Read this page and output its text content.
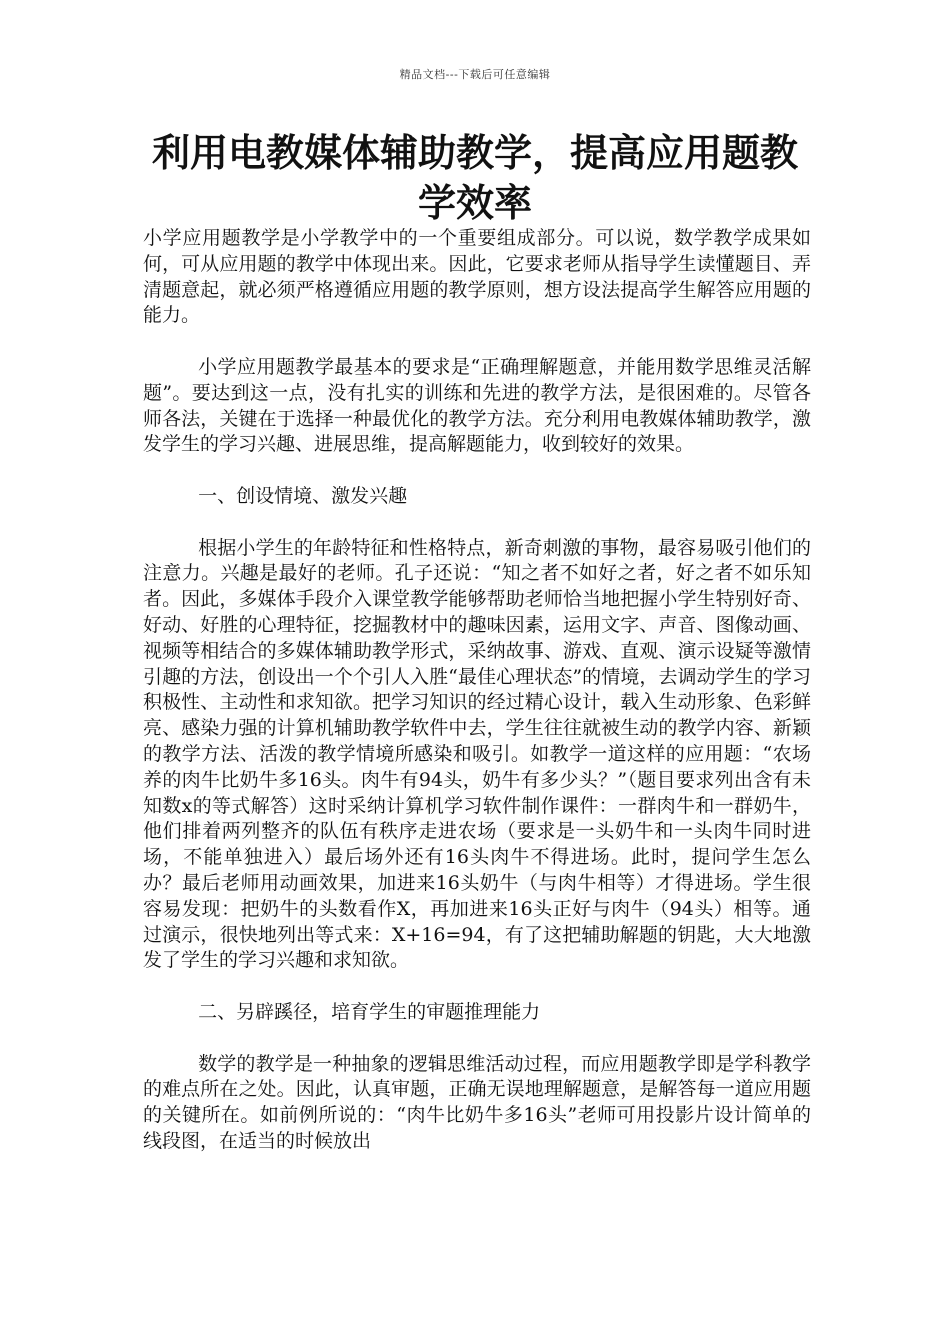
精品文档---下载后可任意编辑
利用电教媒体辅助教学，提高应用题教学效率

小学应用题教学是小学教学中的一个重要组成部分。可以说，数学教学成果如何，可从应用题的教学中体现出来。因此，它要求老师从指导学生读懂题目、弄清题意起，就必须严格遵循应用题的教学原则，想方设法提高学生解答应用题的能力。

小学应用题教学最基本的要求是“正确理解题意，并能用数学思维灵活解题”。要达到这一点，没有扎实的训练和先进的教学方法，是很困难的。尽管各师各法，关键在于选择一种最优化的教学方法。充分利用电教媒体辅助教学，激发学生的学习兴趣、进展思维，提高解题能力，收到较好的效果。

一、创设情境、激发兴趣

根据小学生的年龄特征和性格特点，新奇刺激的事物，最容易吸引他们的注意力。兴趣是最好的老师。孔子还说：“知之者不如好之者，好之者不如乐知者。因此，多媒体手段介入课堂教学能够帮助老师恰当地把握小学生特别好奇、好动、好胜的心理特征，挖掘教材中的趣味因素，运用文字、声音、图像动画、视频等相结合的多媒体辅助教学形式，采纳故事、游戏、直观、演示设疑等激情引趣的方法，创设出一个个引人入胜“最佳心理状态”的情境，去调动学生的学习积极性、主动性和求知欲。把学习知识的经过精心设计，载入生动形象、色彩鲜亮、感染力强的计算机辅助教学软件中去，学生往往就被生动的教学内容、新颖的教学方法、活泼的教学情境所感染和吸引。如教学一道这样的应用题：“农场养的肉牛比奶牛多16头。肉牛有94头，奶牛有多少头？”（题目要求列出含有未知数x的等式解答）这时采纳计算机学习软件制作课件：一群肉牛和一群奶牛，他们排着两列整齐的队伍有秩序走进农场（要求是一头奶牛和一头肉牛同时进场，不能单独进入）最后场外还有16头肉牛不得进场。此时，提问学生怎么办？最后老师用动画效果，加进来16头奶牛（与肉牛相等）才得进场。学生很容易发现：把奶牛的头数看作X，再加进来16头正好与肉牛（94头）相等。通过演示，很快地列出等式来：X+16=94，有了这把辅助解题的钥匙，大大地激发了学生的学习兴趣和求知欲。

二、另辟蹊径，培育学生的审题推理能力

数学的教学是一种抽象的逻辑思维活动过程，而应用题教学即是学科教学的难点所在之处。因此，认真审题，正确无误地理解题意，是解答每一道应用题的关键所在。如前例所说的：“肉牛比奶牛多16头”老师可用投影片设计简单的线段图，在适当的时候放出
